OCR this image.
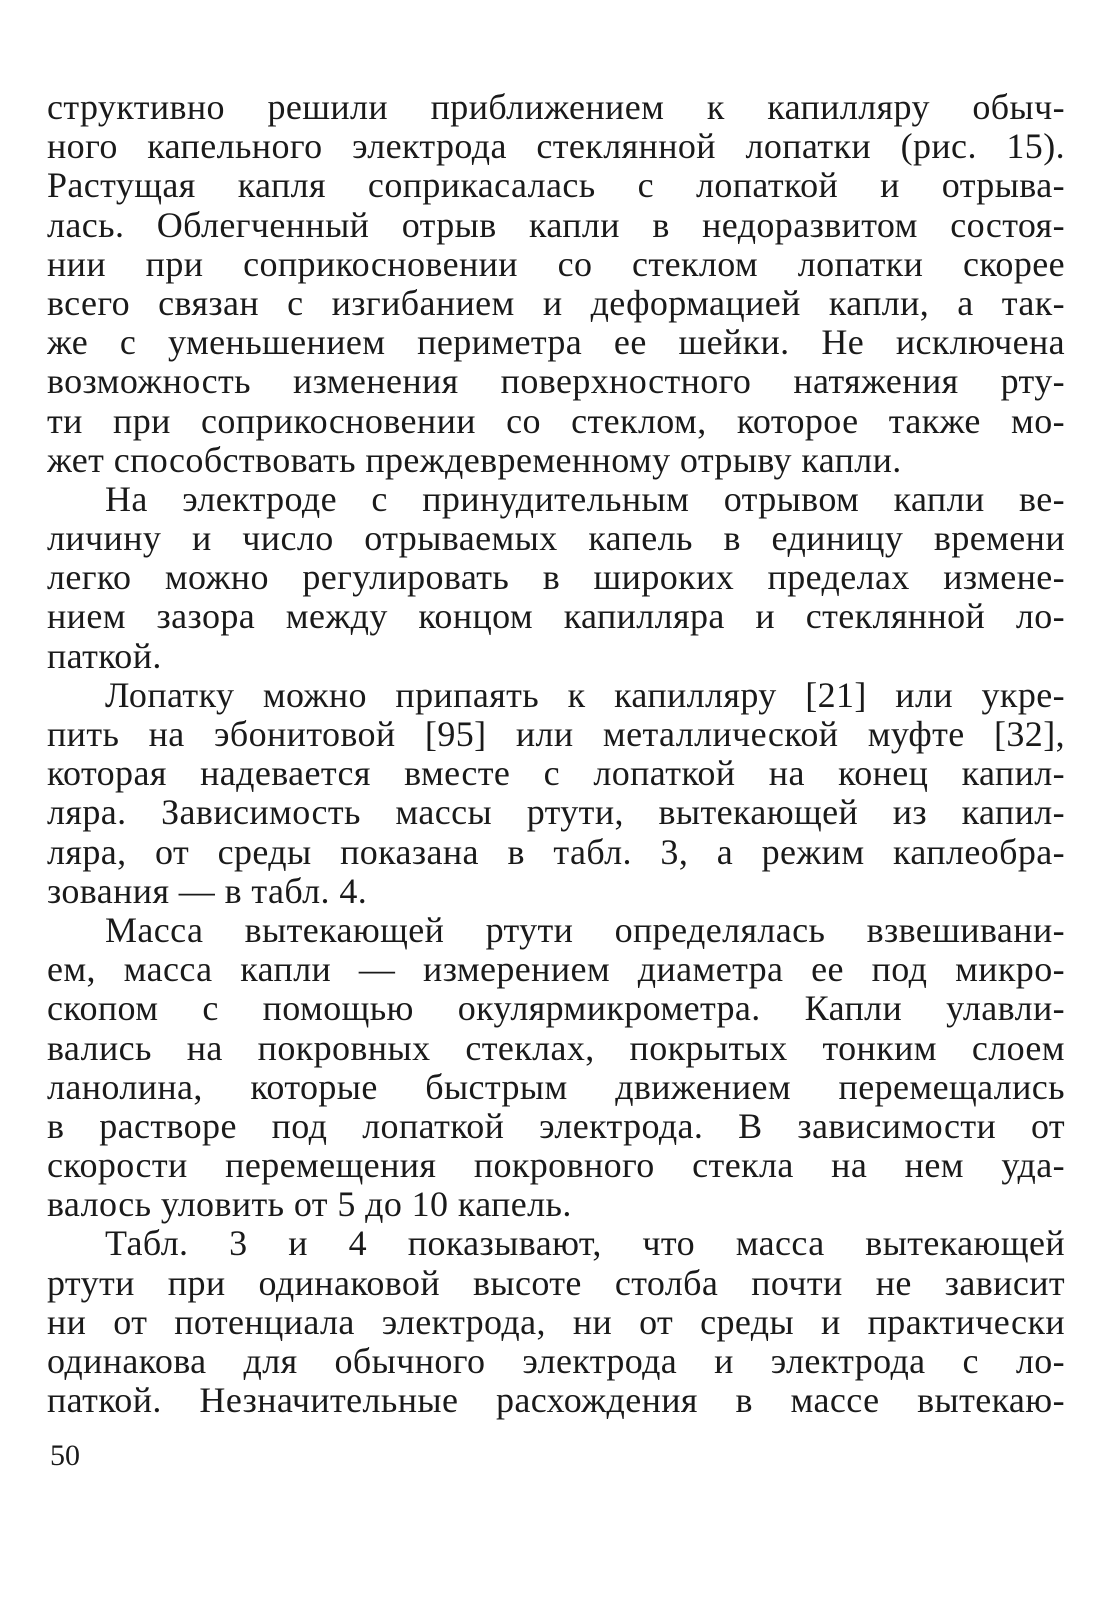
структивно решили приближением к капилляру обыч-
ного капельного электрода стеклянной лопатки (рис. 15).
Растущая капля соприкасалась с лопаткой и отрыва-
лась. Облегченный отрыв капли в недоразвитом состоя-
нии при соприкосновении со стеклом лопатки скорее
всего связан с изгибанием и деформацией капли, а так-
же с уменьшением периметра ее шейки. Не исключена
возможность изменения поверхностного натяжения рту-
ти при соприкосновении со стеклом, которое также мо-
жет способствовать преждевременному отрыву капли.
На электроде с принудительным отрывом капли ве-
личину и число отрываемых капель в единицу времени
легко можно регулировать в широких пределах измене-
нием зазора между концом капилляра и стеклянной ло-
паткой.
Лопатку можно припаять к капилляру [21] или укре-
пить на эбонитовой [95] или металлической муфте [32],
которая надевается вместе с лопаткой на конец капил-
ляра. Зависимость массы ртути, вытекающей из капил-
ляра, от среды показана в табл. 3, а режим каплеобра-
зования — в табл. 4.
Масса вытекающей ртути определялась взвешивани-
ем, масса капли — измерением диаметра ее под микро-
скопом с помощью окулярмикрометра. Капли улавли-
вались на покровных стеклах, покрытых тонким слоем
ланолина, которые быстрым движением перемещались
в растворе под лопаткой электрода. В зависимости от
скорости перемещения покровного стекла на нем уда-
валось уловить от 5 до 10 капель.
Табл. 3 и 4 показывают, что масса вытекающей
ртути при одинаковой высоте столба почти не зависит
ни от потенциала электрода, ни от среды и практически
одинакова для обычного электрода и электрода с ло-
паткой. Незначительные расхождения в массе вытекаю-
50
